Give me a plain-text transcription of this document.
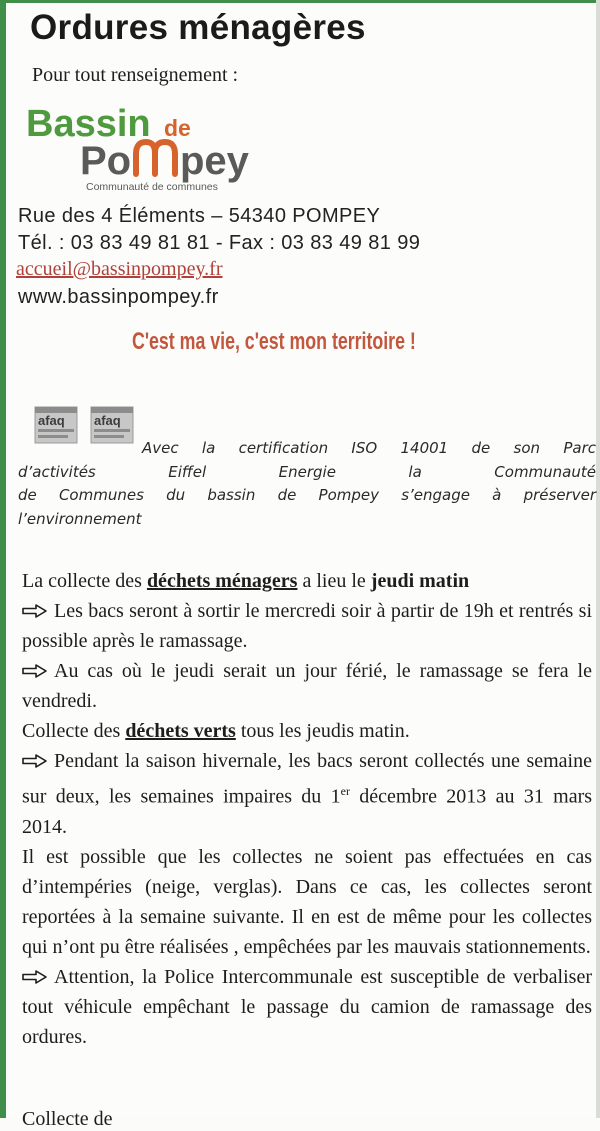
Ordures ménagères
Pour tout renseignement :
Bassin de
Po pey
Communauté de communes
Rue des 4 Éléments – 54340 POMPEY
Tél. : 03 83 49 81 81 - Fax : 03 83 49 81 99
accueil@bassinpompey.fr
www.bassinpompey.fr
C'est ma vie, c'est mon territoire !
afaq afaq
Avec la certification ISO 14001 de son Parc
d’activités Eiffel Energie la Communauté
de Communes du bassin de Pompey s’engage à préserver
l’environnement

La collecte des déchets ménagers a lieu le jeudi matin

Les bacs seront à sortir le mercredi soir à partir de 19h et rentrés si possible après le ramassage.

Au cas où le jeudi serait un jour férié, le ramassage se fera le vendredi.

Collecte des déchets verts tous les jeudis matin.

Pendant la saison hivernale, les bacs seront collectés une semaine sur deux, les semaines impaires du 1er décembre 2013 au 31 mars 2014.

Il est possible que les collectes ne soient pas effectuées en cas d’intempéries (neige, verglas). Dans ce cas, les collectes seront reportées à la semaine suivante. Il en est de même pour les collectes qui n’ont pu être réalisées , empêchées par les mauvais stationnements.

Attention, la Police Intercommunale est susceptible de verbaliser tout véhicule empêchant le passage du camion de ramassage des ordures.

Collecte de
